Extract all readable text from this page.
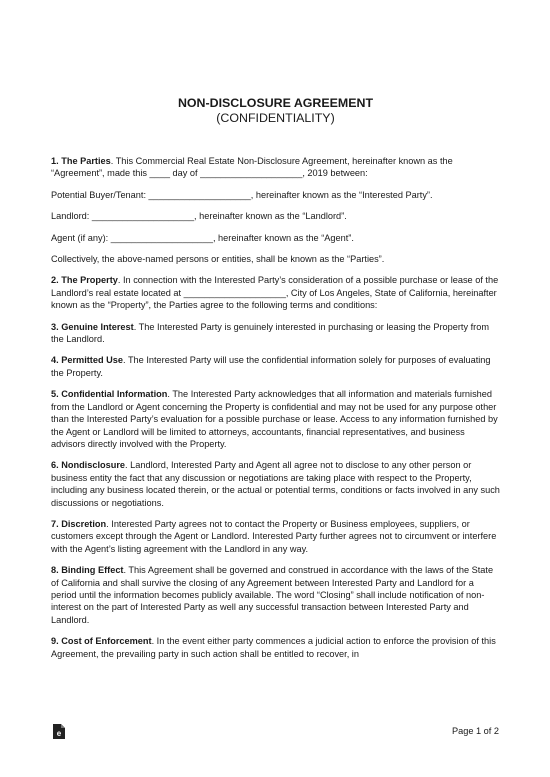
NON-DISCLOSURE AGREEMENT
(CONFIDENTIALITY)

1. The Parties. This Commercial Real Estate Non-Disclosure Agreement, hereinafter known as the “Agreement”, made this ____ day of ____________________, 2019 between:

Potential Buyer/Tenant: ____________________, hereinafter known as the “Interested Party”.

Landlord: ____________________, hereinafter known as the “Landlord”.

Agent (if any): ____________________, hereinafter known as the “Agent”.

Collectively, the above-named persons or entities, shall be known as the “Parties”.

2. The Property. In connection with the Interested Party’s consideration of a possible purchase or lease of the Landlord’s real estate located at ____________________, City of Los Angeles, State of California, hereinafter known as the “Property”, the Parties agree to the following terms and conditions:

3. Genuine Interest. The Interested Party is genuinely interested in purchasing or leasing the Property from the Landlord.

4. Permitted Use. The Interested Party will use the confidential information solely for purposes of evaluating the Property.

5. Confidential Information. The Interested Party acknowledges that all information and materials furnished from the Landlord or Agent concerning the Property is confidential and may not be used for any purpose other than the Interested Party’s evaluation for a possible purchase or lease. Access to any information furnished by the Agent or Landlord will be limited to attorneys, accountants, financial representatives, and business advisors directly involved with the Property.

6. Nondisclosure. Landlord, Interested Party and Agent all agree not to disclose to any other person or business entity the fact that any discussion or negotiations are taking place with respect to the Property, including any business located therein, or the actual or potential terms, conditions or facts involved in any such discussions or negotiations.

7. Discretion. Interested Party agrees not to contact the Property or Business employees, suppliers, or customers except through the Agent or Landlord. Interested Party further agrees not to circumvent or interfere with the Agent’s listing agreement with the Landlord in any way.

8. Binding Effect. This Agreement shall be governed and construed in accordance with the laws of the State of California and shall survive the closing of any Agreement between Interested Party and Landlord for a period until the information becomes publicly available. The word “Closing” shall include notification of non-interest on the part of Interested Party as well any successful transaction between Interested Party and Landlord.

9. Cost of Enforcement. In the event either party commences a judicial action to enforce the provision of this Agreement, the prevailing party in such action shall be entitled to recover, in

e	Page 1 of 2
